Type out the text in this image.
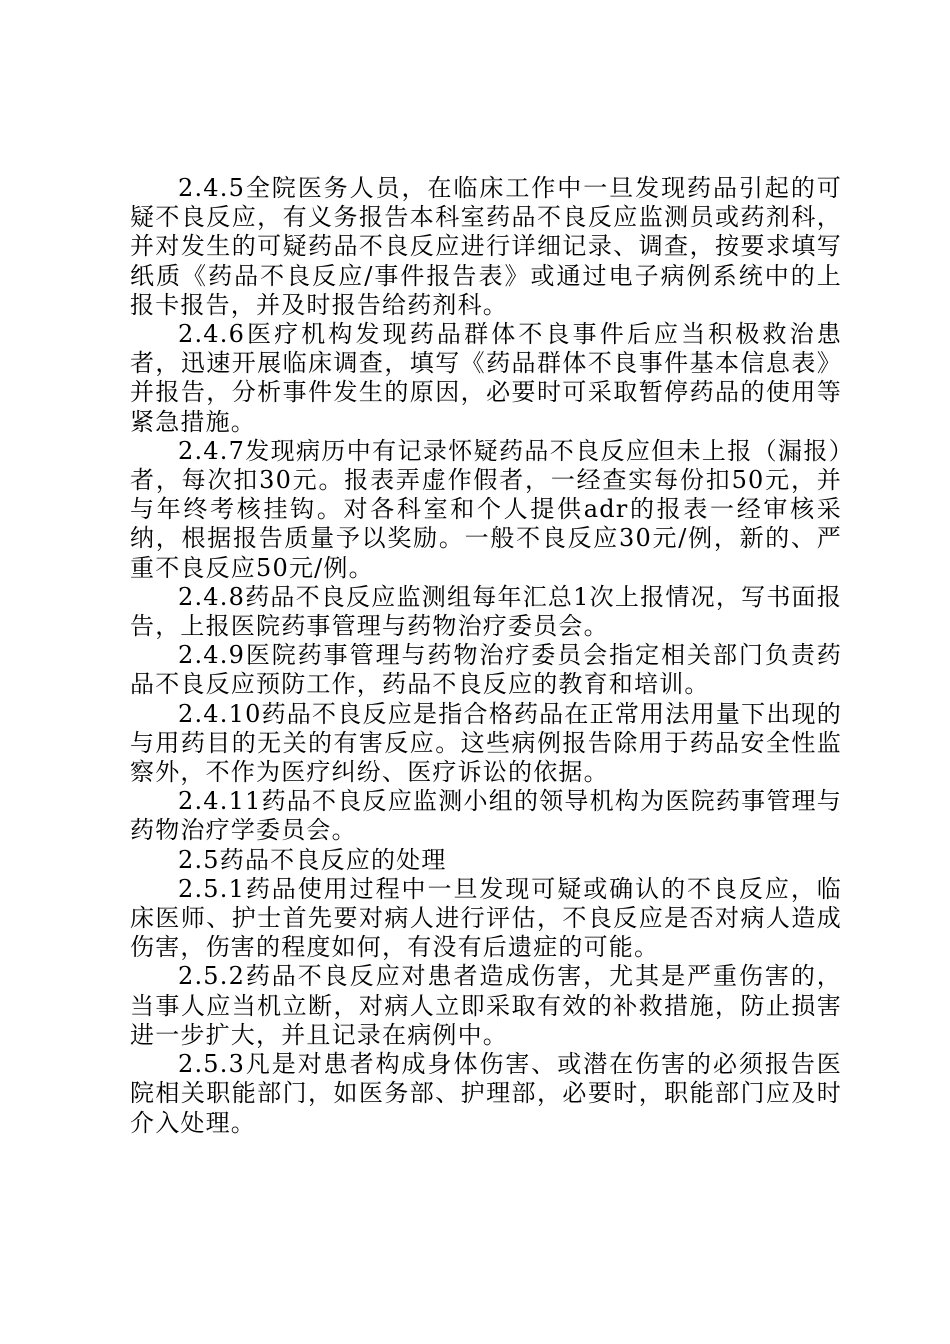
2.4.5全院医务人员，在临床工作中一旦发现药品引起的可疑不良反应，有义务报告本科室药品不良反应监测员或药剂科，并对发生的可疑药品不良反应进行详细记录、调查，按要求填写纸质《药品不良反应/事件报告表》或通过电子病例系统中的上报卡报告，并及时报告给药剂科。

2.4.6医疗机构发现药品群体不良事件后应当积极救治患者，迅速开展临床调查，填写《药品群体不良事件基本信息表》并报告，分析事件发生的原因，必要时可采取暂停药品的使用等紧急措施。

2.4.7发现病历中有记录怀疑药品不良反应但未上报（漏报）者，每次扣30元。报表弄虚作假者，一经查实每份扣50元，并与年终考核挂钩。对各科室和个人提供adr的报表一经审核采纳，根据报告质量予以奖励。一般不良反应30元/例，新的、严重不良反应50元/例。

2.4.8药品不良反应监测组每年汇总1次上报情况，写书面报告，上报医院药事管理与药物治疗委员会。

2.4.9医院药事管理与药物治疗委员会指定相关部门负责药品不良反应预防工作，药品不良反应的教育和培训。

2.4.10药品不良反应是指合格药品在正常用法用量下出现的与用药目的无关的有害反应。这些病例报告除用于药品安全性监察外，不作为医疗纠纷、医疗诉讼的依据。

2.4.11药品不良反应监测小组的领导机构为医院药事管理与药物治疗学委员会。

2.5药品不良反应的处理

2.5.1药品使用过程中一旦发现可疑或确认的不良反应，临床医师、护士首先要对病人进行评估，不良反应是否对病人造成伤害，伤害的程度如何，有没有后遗症的可能。

2.5.2药品不良反应对患者造成伤害，尤其是严重伤害的，当事人应当机立断，对病人立即采取有效的补救措施，防止损害进一步扩大，并且记录在病例中。

2.5.3凡是对患者构成身体伤害、或潜在伤害的必须报告医院相关职能部门，如医务部、护理部，必要时，职能部门应及时介入处理。
